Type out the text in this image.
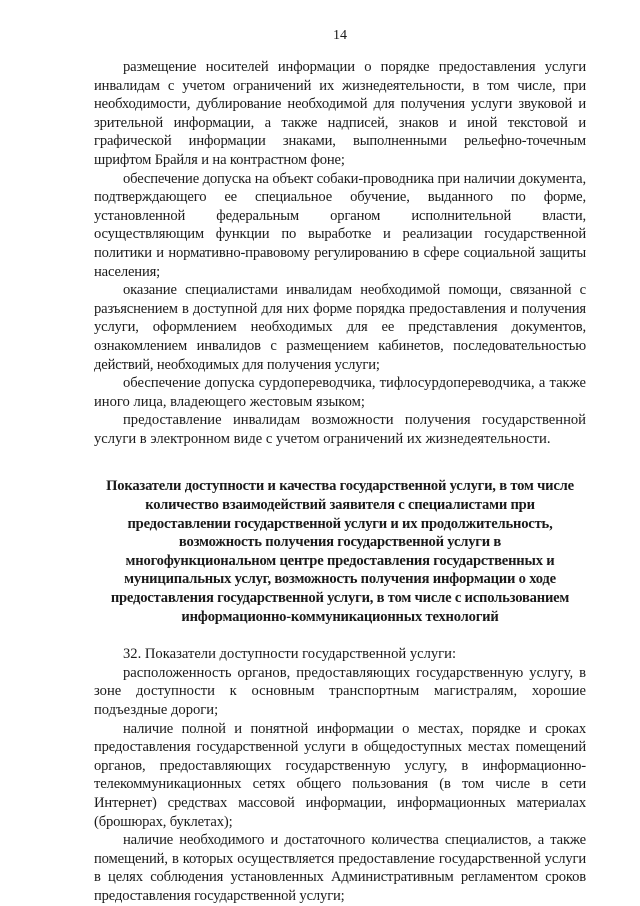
14

размещение носителей информации о порядке предоставления услуги инвалидам с учетом ограничений их жизнедеятельности, в том числе, при необходимости, дублирование необходимой для получения услуги звуковой и зрительной информации, а также надписей, знаков и иной текстовой и графической информации знаками, выполненными рельефно-точечным шрифтом Брайля и на контрастном фоне;

обеспечение допуска на объект собаки-проводника при наличии документа, подтверждающего ее специальное обучение, выданного по форме, установленной федеральным органом исполнительной власти, осуществляющим функции по выработке и реализации государственной политики и нормативно-правовому регулированию в сфере социальной защиты населения;

оказание специалистами инвалидам необходимой помощи, связанной с разъяснением в доступной для них форме порядка предоставления и получения услуги, оформлением необходимых для ее представления документов, ознакомлением инвалидов с размещением кабинетов, последовательностью действий, необходимых для получения услуги;

обеспечение допуска сурдопереводчика, тифлосурдопереводчика, а также иного лица, владеющего жестовым языком;

предоставление инвалидам возможности получения государственной услуги в электронном виде с учетом ограничений их жизнедеятельности.

Показатели доступности и качества государственной услуги, в том числе
количество взаимодействий заявителя с специалистами при
предоставлении государственной услуги и их продолжительность,
возможность получения государственной услуги в
многофункциональном центре предоставления государственных и
муниципальных услуг, возможность получения информации о ходе
предоставления государственной услуги, в том числе с использованием
информационно-коммуникационных технологий

32. Показатели доступности государственной услуги:

расположенность органов, предоставляющих государственную услугу, в зоне доступности к основным транспортным магистралям, хорошие подъездные дороги;

наличие полной и понятной информации о местах, порядке и сроках предоставления государственной услуги в общедоступных местах помещений органов, предоставляющих государственную услугу, в информационно-телекоммуникационных сетях общего пользования (в том числе в сети Интернет) средствах массовой информации, информационных материалах (брошюрах, буклетах);

наличие необходимого и достаточного количества специалистов, а также помещений, в которых осуществляется предоставление государственной услуги в целях соблюдения установленных Административным регламентом сроков предоставления государственной услуги;
